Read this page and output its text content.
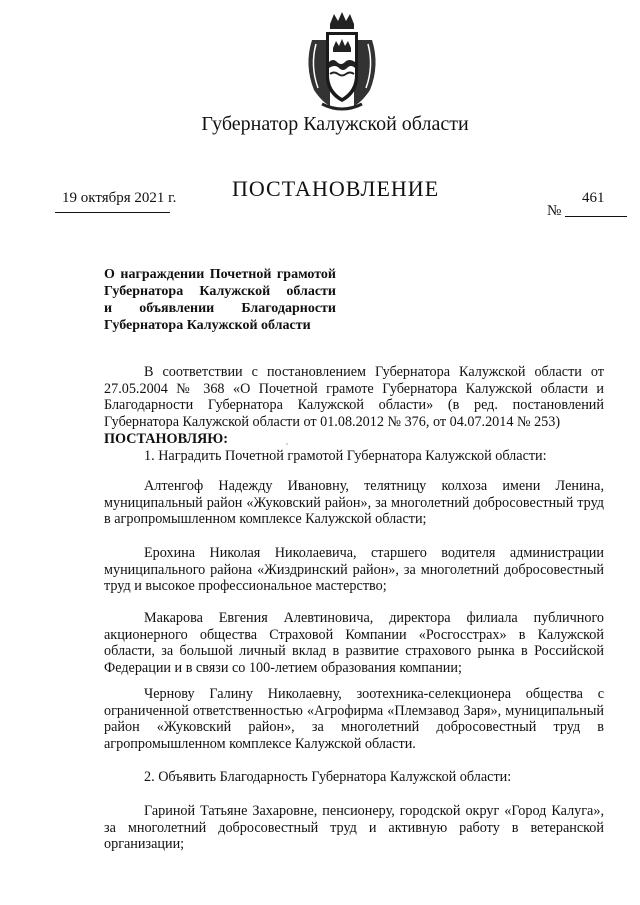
Губернатор Калужской области
19 октября 2021 г.	ПОСТАНОВЛЕНИЕ	461
№
О награждении Почетной грамотой
Губернатора Калужской области
и объявлении Благодарности
Губернатора Калужской области
В соответствии с постановлением Губернатора Калужской области от 27.05.2004 № 368 «О Почетной грамоте Губернатора Калужской области и Благодарности Губернатора Калужской области» (в ред. постановлений Губернатора Калужской области от 01.08.2012 № 376, от 04.07.2014 № 253)
ПОСТАНОВЛЯЮ:
1. Наградить Почетной грамотой Губернатора Калужской области:
,
Алтенгоф Надежду Ивановну, телятницу колхоза имени Ленина, муниципальный район «Жуковский район», за многолетний добросовестный труд в агропромышленном комплексе Калужской области;
Ерохина Николая Николаевича, старшего водителя администрации муниципального района «Жиздринский район», за многолетний добросовестный труд и высокое профессиональное мастерство;
Макарова Евгения Алевтиновича, директора филиала публичного акционерного общества Страховой Компании «Росгосстрах» в Калужской области, за большой личный вклад в развитие страхового рынка в Российской Федерации и в связи со 100-летием образования компании;
Чернову Галину Николаевну, зоотехника-селекционера общества с ограниченной ответственностью «Агрофирма «Племзавод Заря», муниципальный район «Жуковский район», за многолетний добросовестный труд в агропромышленном комплексе Калужской области.
2. Объявить Благодарность Губернатора Калужской области:
Гариной Татьяне Захаровне, пенсионеру, городской округ «Город Калуга», за многолетний добросовестный труд и активную работу в ветеранской организации;
